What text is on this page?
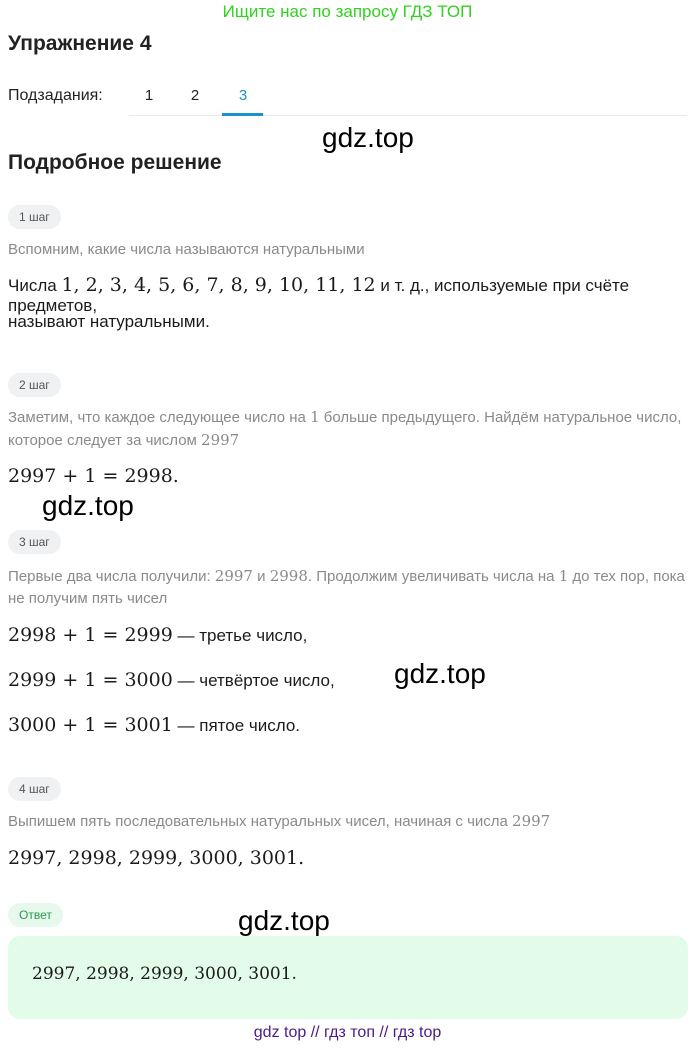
Ищите нас по запросу ГДЗ ТОП
Упражнение 4
Подзадания:	1	2	3
gdz.top
Подробное решение
1 шаг
Вспомним, какие числа называются натуральными
Числа 1, 2, 3, 4, 5, 6, 7, 8, 9, 10, 11, 12 и т. д., используемые при счёте предметов,
называют натуральными.
2 шаг
Заметим, что каждое следующее число на 1 больше предыдущего. Найдём натуральное число, которое следует за числом 2997
2997 + 1 = 2998.
gdz.top
3 шаг
Первые два числа получили: 2997 и 2998. Продолжим увеличивать числа на 1 до тех пор, пока не получим пять чисел
2998 + 1 = 2999 — третье число,
2999 + 1 = 3000 — четвёртое число,
3000 + 1 = 3001 — пятое число.
gdz.top
4 шаг
Выпишем пять последовательных натуральных чисел, начиная с числа 2997
2997, 2998, 2999, 3000, 3001.
Ответ	gdz.top
2997, 2998, 2999, 3000, 3001.
gdz top // гдз топ // гдз top
